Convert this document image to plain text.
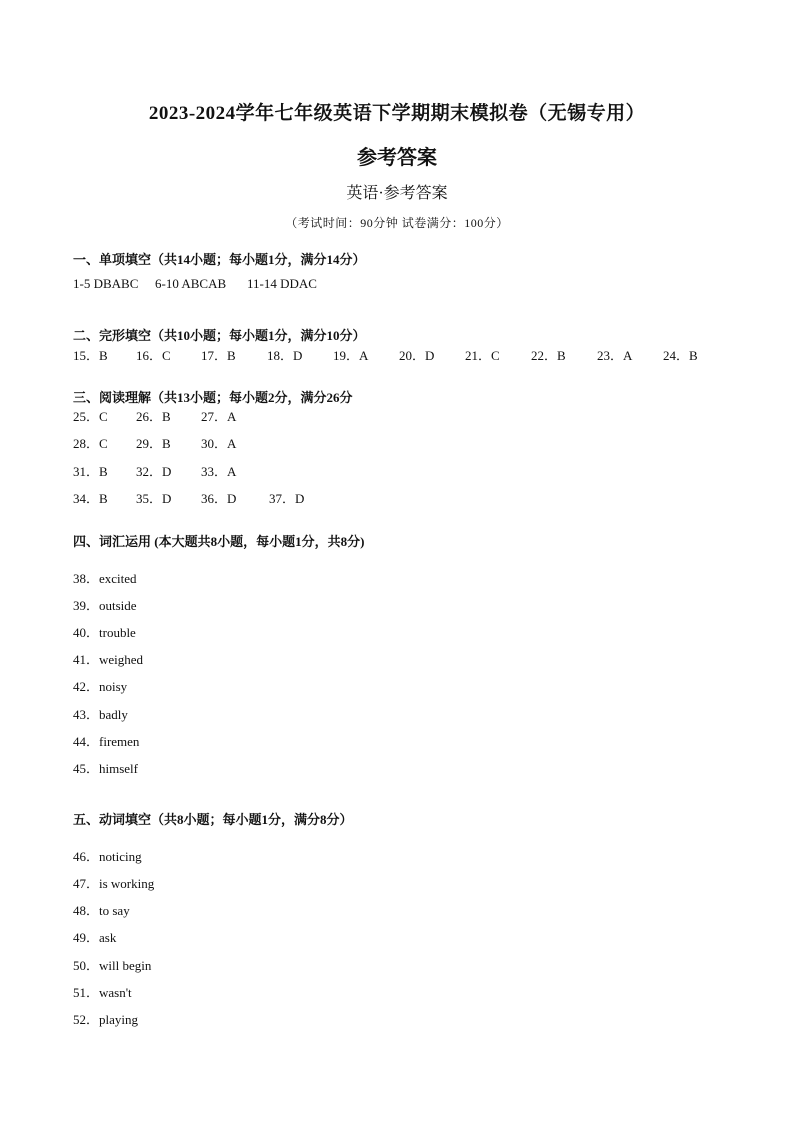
2023-2024学年七年级英语下学期期末模拟卷（无锡专用）
参考答案
英语·参考答案
（考试时间：90分钟 试卷满分：100分）
一、单项填空（共14小题；每小题1分，满分14分）
1-5 DBABC 6-10 ABCAB 11-14 DDAC
二、完形填空（共10小题；每小题1分，满分10分）
15．B 16．C 17．B 18．D 19．A 20．D 21．C 22．B 23．A 24．B
三、阅读理解（共13小题；每小题2分，满分26分
25．C 26．B 27．A
28．C 29．B 30．A
31．B 32．D 33．A
34．B 35．D 36．D	37．D
四、词汇运用 (本大题共8小题，每小题1分，共8分)
38．excited
39．outside
40．trouble
41．weighed
42．noisy
43．badly
44．firemen
45．himself
五、动词填空（共8小题；每小题1分，满分8分）
46．noticing
47．is working
48．to say
49．ask
50．will begin
51．wasn't
52．playing
